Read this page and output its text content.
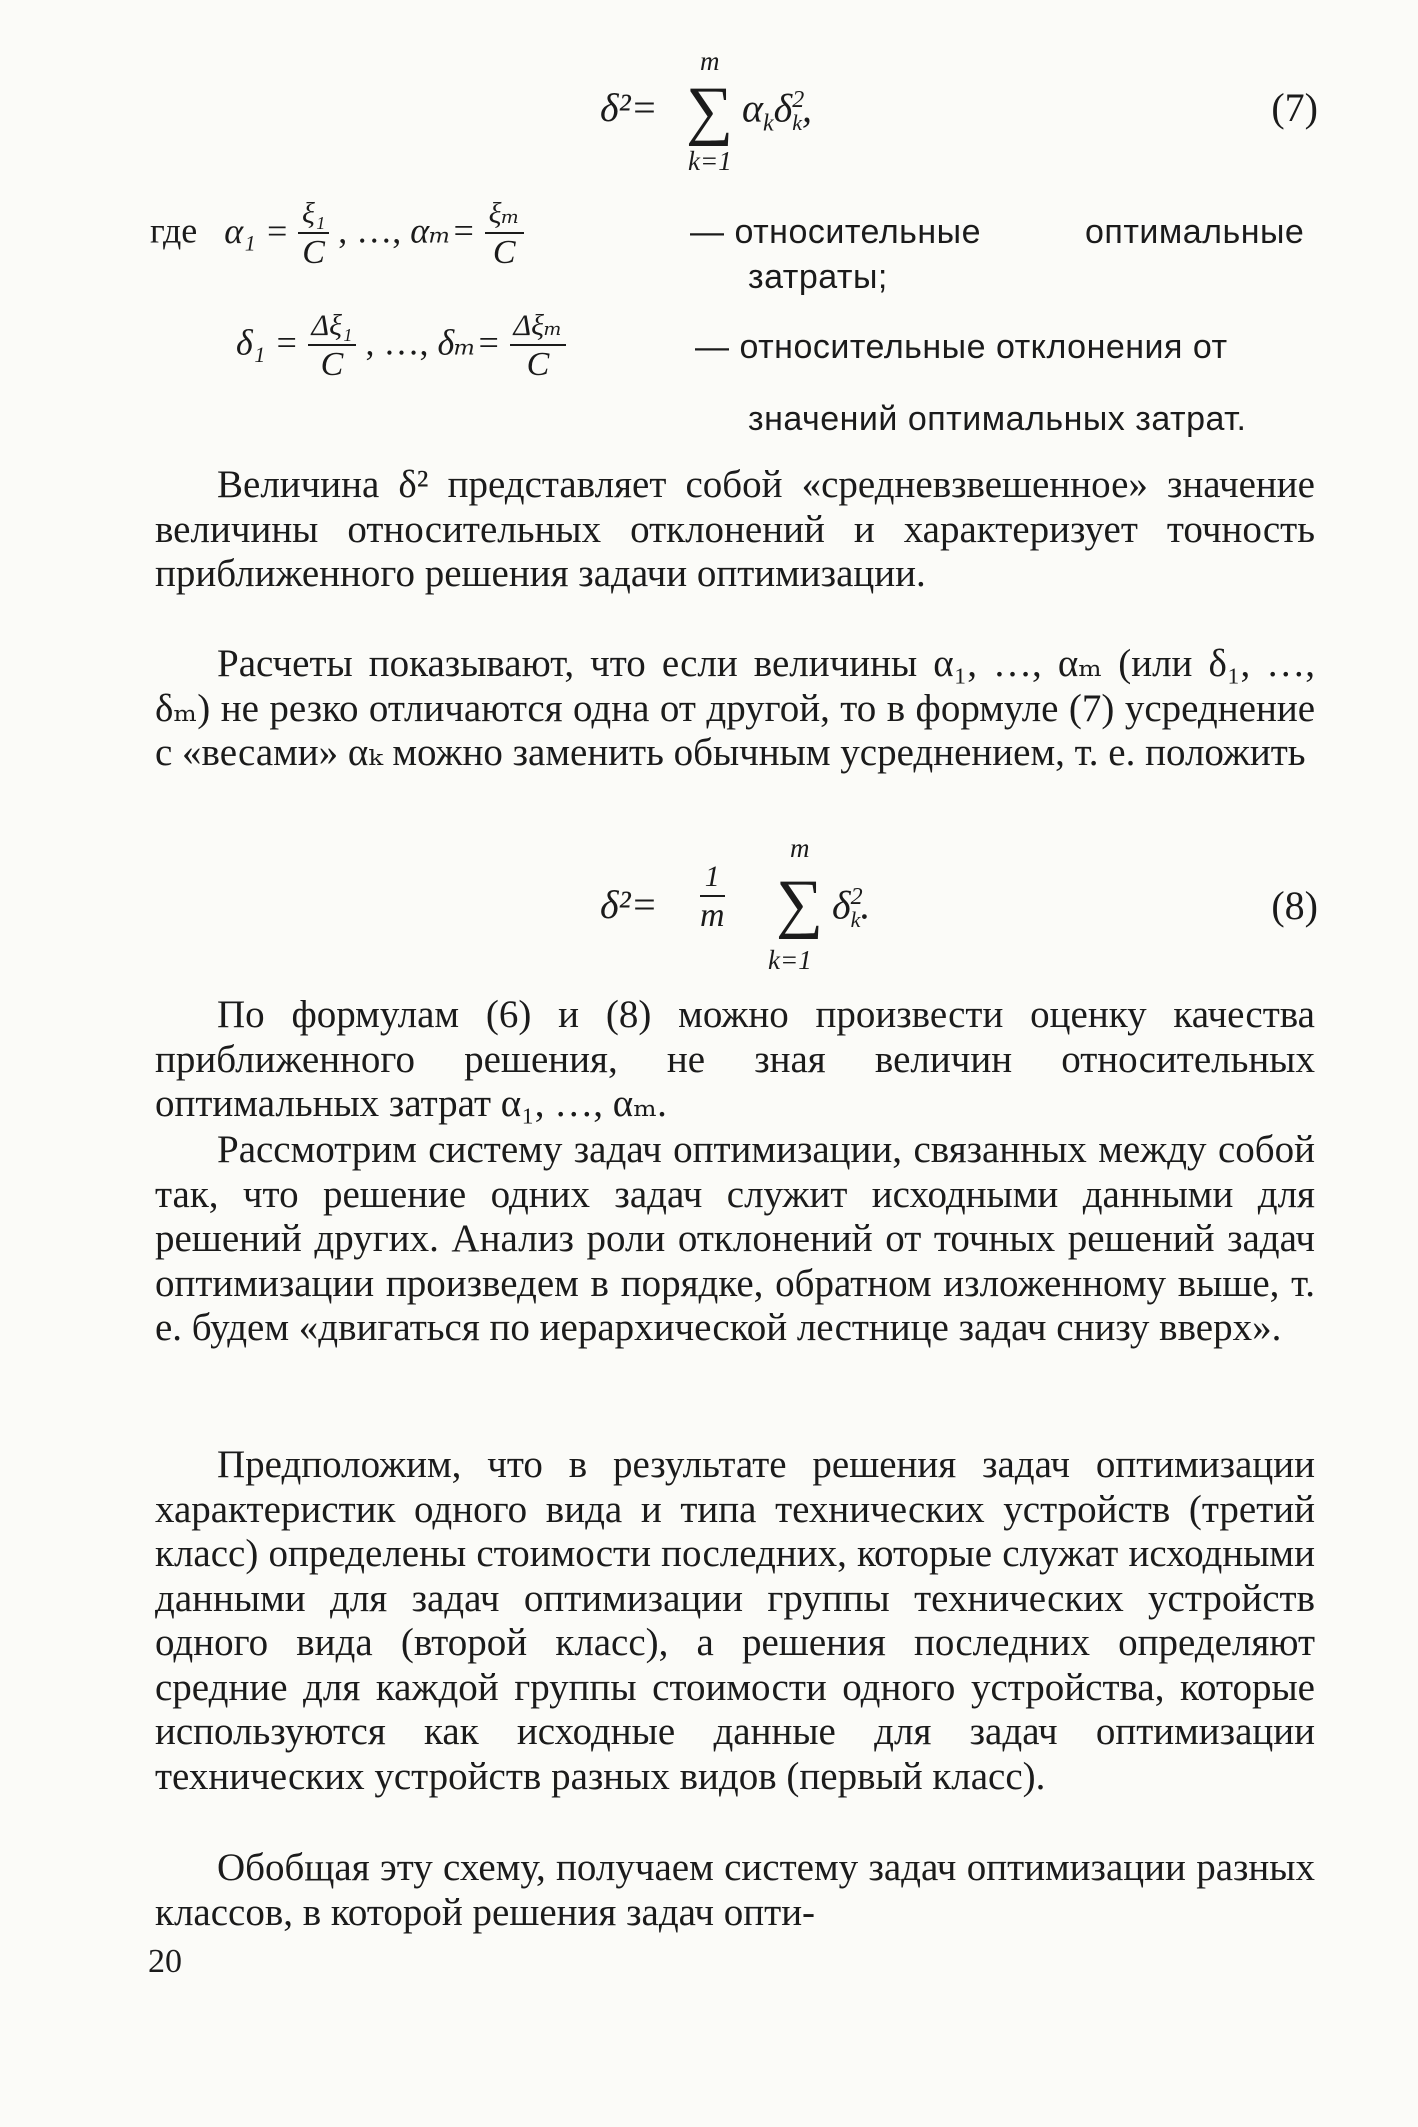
m
δ²= ∑ $\alpha_k\delta^2_k$,
k=1
(7)
где $\alpha_1 = \frac{\text{ξ₁}}{C}$ , …, $\alpha_m= \frac{\text{ξₘ}}{C}$	— относительные	оптимальные
затраты;
$\delta_1 = \frac{\text{Δξ₁}}{C}$ , …, $\delta_m= \frac{\text{Δξₘ}}{C}$	— относительные отклонения от
значений оптимальных затрат.

Величина δ² представляет собой «средневзвешенное» значение величины относительных отклонений и характеризует точность приближенного решения задачи оптимизации.

Расчеты показывают, что если величины α₁, …, αₘ (или δ₁, …, δₘ) не резко отличаются одна от другой, то в формуле (7) усреднение с «весами» αₖ можно заменить обычным усреднением, т. е. положить

m
$\delta^2= \frac{1}{m}$ ∑ $\delta^2_k$.
k=1
(8)

По формулам (6) и (8) можно произвести оценку качества приближенного решения, не зная величин относительных оптимальных затрат α₁, …, αₘ.

Рассмотрим систему задач оптимизации, связанных между собой так, что решение одних задач служит исходными данными для решений других. Анализ роли отклонений от точных решений задач оптимизации произведем в порядке, обратном изложенному выше, т. е. будем «двигаться по иерархической лестнице задач снизу вверх».

Предположим, что в результате решения задач оптимизации характеристик одного вида и типа технических устройств (третий класс) определены стоимости последних, которые служат исходными данными для задач оптимизации группы технических устройств одного вида (второй класс), а решения последних определяют средние для каждой группы стоимости одного устройства, которые используются как исходные данные для задач оптимизации технических устройств разных видов (первый класс).

Обобщая эту схему, получаем систему задач оптимизации разных классов, в которой решения задач опти-

20
